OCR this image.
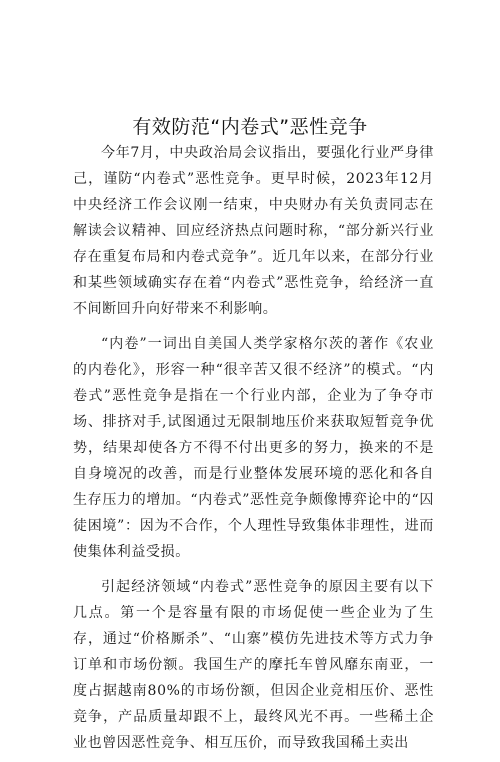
有效防范“内卷式”恶性竞争

今年7月，中央政治局会议指出，要强化行业严身律己，谨防“内卷式”恶性竞争。更早时候，2023年12月中央经济工作会议刚一结束，中央财办有关负责同志在解读会议精神、回应经济热点问题时称，“部分新兴行业存在重复布局和内卷式竞争”。近几年以来，在部分行业和某些领域确实存在着“内卷式”恶性竞争，给经济一直不间断回升向好带来不利影响。

“内卷”一词出自美国人类学家格尔茨的著作《农业的内卷化》，形容一种“很辛苦又很不经济”的模式。“内卷式”恶性竞争是指在一个行业内部，企业为了争夺市场、排挤对手,试图通过无限制地压价来获取短暂竞争优势，结果却使各方不得不付出更多的努力，换来的不是自身境况的改善，而是行业整体发展环境的恶化和各自生存压力的增加。“内卷式”恶性竞争颇像博弈论中的“囚徒困境”：因为不合作，个人理性导致集体非理性，进而使集体利益受损。

引起经济领域“内卷式”恶性竞争的原因主要有以下几点。第一个是容量有限的市场促使一些企业为了生存，通过“价格厮杀”、“山寨”模仿先进技术等方式力争订单和市场份额。我国生产的摩托车曾风靡东南亚，一度占据越南80%的市场份额，但因企业竞相压价、恶性竞争，产品质量却跟不上，最终风光不再。一些稀土企业也曾因恶性竞争、相互压价，而导致我国稀土卖出
